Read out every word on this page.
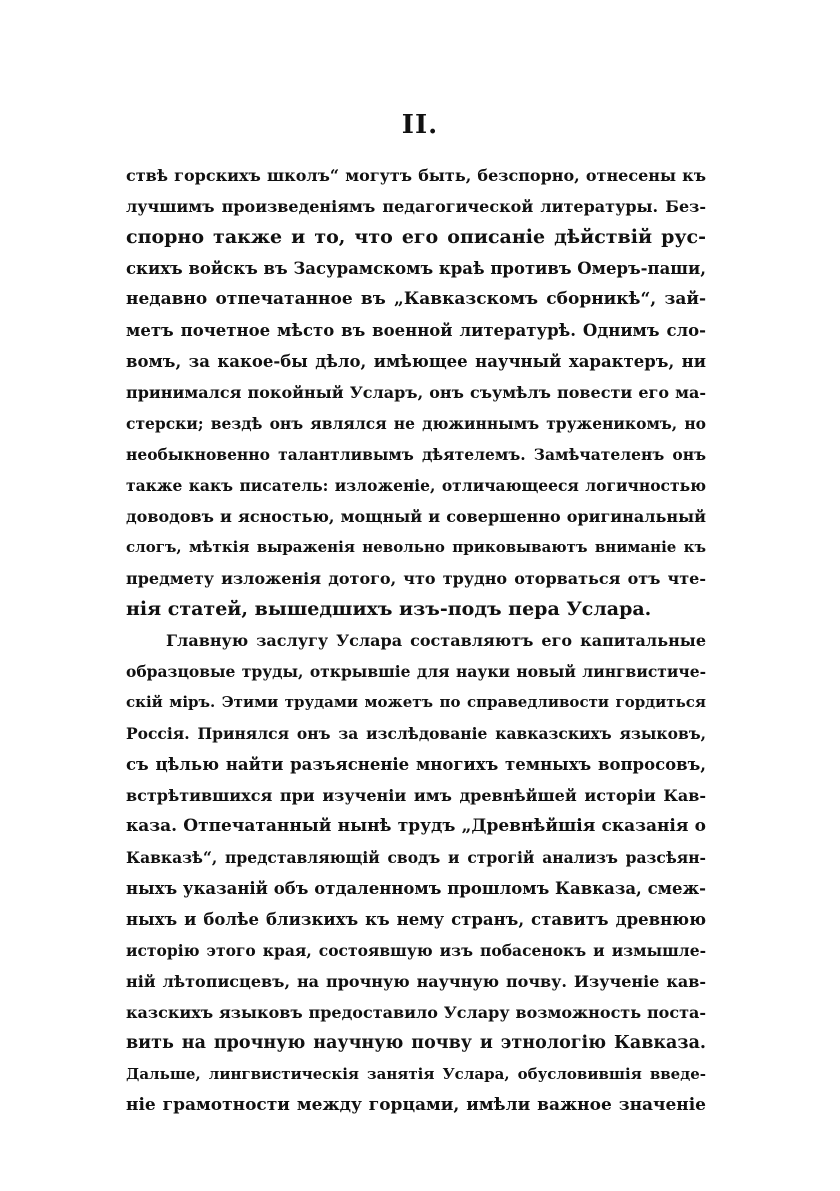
II.
ствѣ горскихъ школъ“ могутъ быть, безспорно, отнесены къ
лучшимъ произведеніямъ педагогической литературы. Без-
спорно также и то, что его описаніе дѣйствій рус-
скихъ войскъ въ Засурамскомъ краѣ противъ Омеръ-паши,
недавно отпечатанное въ „Кавказскомъ сборникѣ“, зай-
метъ почетное мѣсто въ военной литературѣ. Однимъ сло-
вомъ, за какое-бы дѣло, имѣющее научный характеръ, ни
принимался покойный Усларъ, онъ съумѣлъ повести его ма-
стерски; вездѣ онъ являлся не дюжиннымъ труженикомъ, но
необыкновенно талантливымъ дѣятелемъ. Замѣчателенъ онъ
также какъ писатель: изложеніе, отличающееся логичностью
доводовъ и ясностью, мощный и совершенно оригинальный
слогъ, мѣткія выраженія невольно приковываютъ вниманіе къ
предмету изложенія дотого, что трудно оторваться отъ чте-
нія статей, вышедшихъ изъ-подъ пера Услара.
Главную заслугу Услара составляютъ его капитальные
образцовые труды, открывшіе для науки новый лингвистиче-
скій міръ. Этими трудами можетъ по справедливости гордиться
Россія. Принялся онъ за изслѣдованіе кавказскихъ языковъ,
съ цѣлью найти разъясненіе многихъ темныхъ вопросовъ,
встрѣтившихся при изученіи имъ древнѣйшей исторіи Кав-
каза. Отпечатанный нынѣ трудъ „Древнѣйшія сказанія о
Кавказѣ“, представляющій сводъ и строгій анализъ разсѣян-
ныхъ указаній объ отдаленномъ прошломъ Кавказа, смеж-
ныхъ и болѣе близкихъ къ нему странъ, ставитъ древнюю
исторію этого края, состоявшую изъ побасенокъ и измышле-
ній лѣтописцевъ, на прочную научную почву. Изученіе кав-
казскихъ языковъ предоставило Услару возможность поста-
вить на прочную научную почву и этнологію Кавказа.
Дальше, лингвистическія занятія Услара, обусловившія введе-
ніе грамотности между горцами, имѣли важное значеніе
